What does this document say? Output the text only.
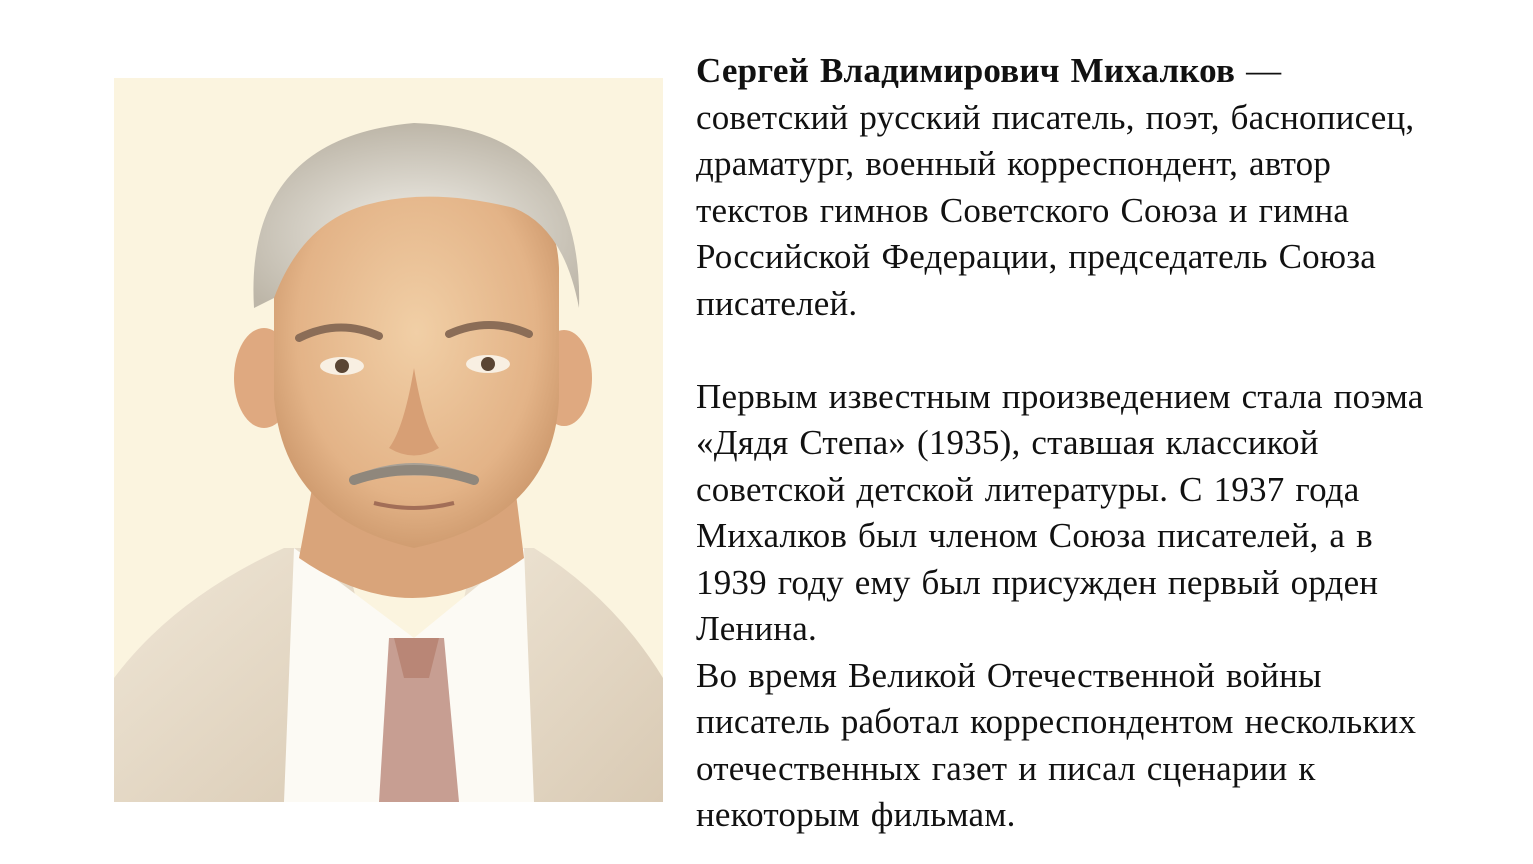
Сергей Владимирович Михалков —

советский русский писатель, поэт, баснописец,

драматург, военный корреспондент, автор

текстов гимнов Советского Союза и гимна

Российской Федерации, председатель Союза

писателей.

Первым известным произведением стала поэма

«Дядя Степа» (1935), ставшая классикой

советской детской литературы. С 1937 года

Михалков был членом Союза писателей, а в

1939 году ему был присужден первый орден

Ленина.

Во время Великой Отечественной войны

писатель работал корреспондентом нескольких

отечественных газет и писал сценарии к

некоторым фильмам.
